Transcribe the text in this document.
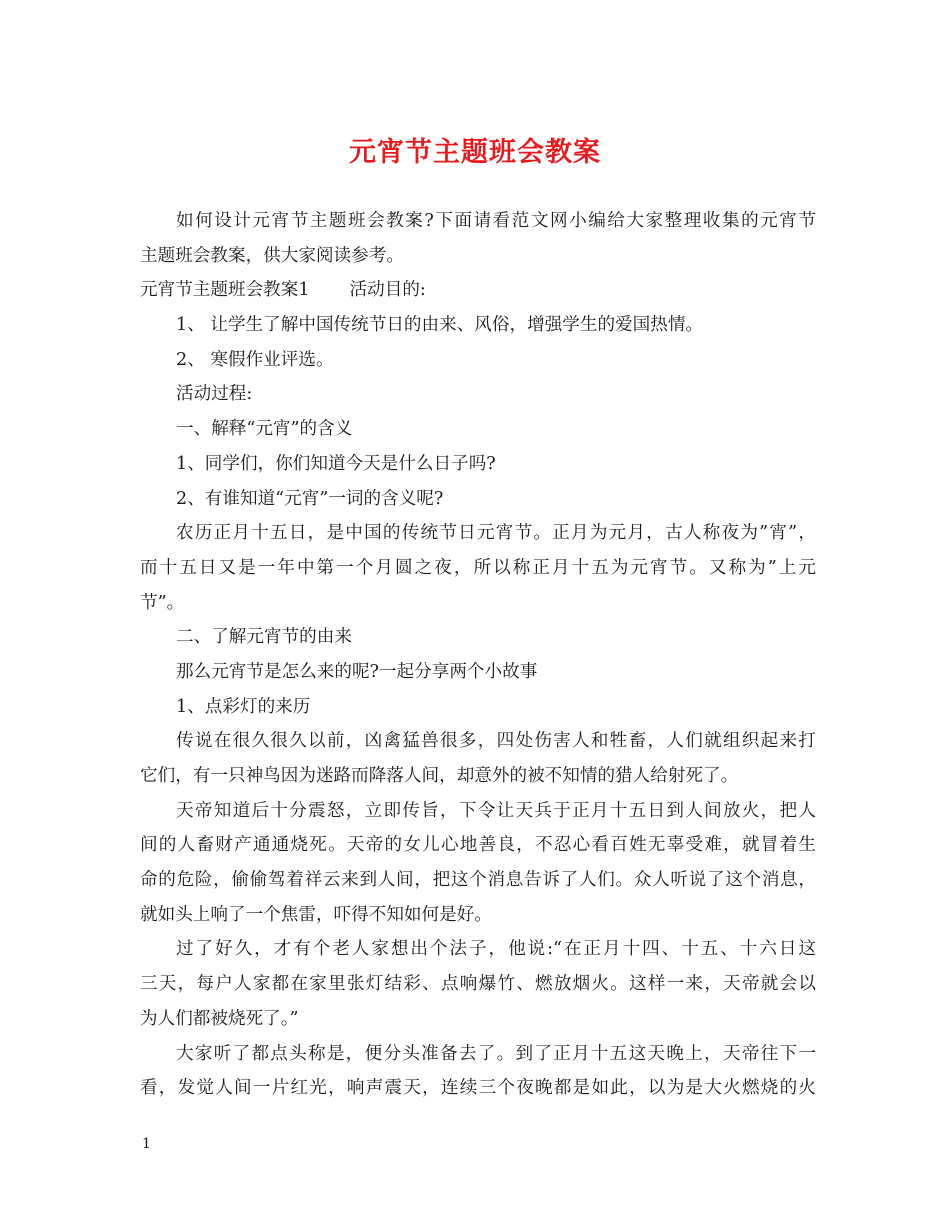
元宵节主题班会教案
如何设计元宵节主题班会教案?下面请看范文网小编给大家整理收集的元宵节
主题班会教案，供大家阅读参考。
元宵节主题班会教案1 活动目的:
1、 让学生了解中国传统节日的由来、风俗，增强学生的爱国热情。
2、 寒假作业评选。
活动过程:
一、解释“元宵”的含义
1、同学们，你们知道今天是什么日子吗?
2、有谁知道“元宵”一词的含义呢?
农历正月十五日，是中国的传统节日元宵节。正月为元月，古人称夜为”宵”，
而十五日又是一年中第一个月圆之夜，所以称正月十五为元宵节。又称为”上元
节”。
二、了解元宵节的由来
那么元宵节是怎么来的呢?一起分享两个小故事
1、点彩灯的来历
传说在很久很久以前，凶禽猛兽很多，四处伤害人和牲畜，人们就组织起来打
它们，有一只神鸟因为迷路而降落人间，却意外的被不知情的猎人给射死了。
天帝知道后十分震怒，立即传旨，下令让天兵于正月十五日到人间放火，把人
间的人畜财产通通烧死。天帝的女儿心地善良，不忍心看百姓无辜受难，就冒着生
命的危险，偷偷驾着祥云来到人间，把这个消息告诉了人们。众人听说了这个消息，
就如头上响了一个焦雷，吓得不知如何是好。
过了好久，才有个老人家想出个法子，他说:“在正月十四、十五、十六日这
三天，每户人家都在家里张灯结彩、点响爆竹、燃放烟火。这样一来，天帝就会以
为人们都被烧死了。”
大家听了都点头称是，便分头准备去了。到了正月十五这天晚上，天帝往下一
看，发觉人间一片红光，响声震天，连续三个夜晚都是如此，以为是大火燃烧的火
1
